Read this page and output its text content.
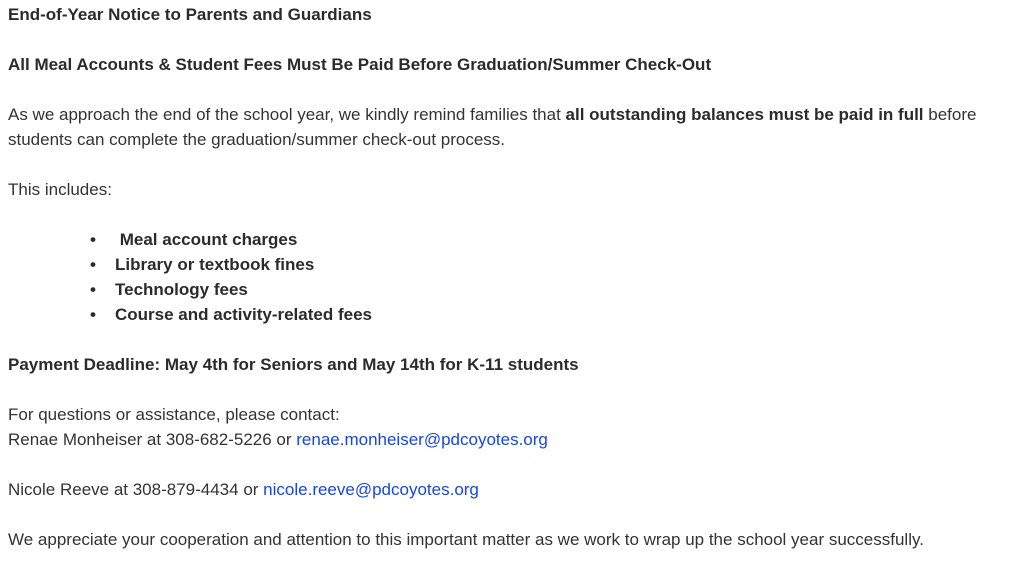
End-of-Year Notice to Parents and Guardians

All Meal Accounts & Student Fees Must Be Paid Before Graduation/Summer Check-Out

As we approach the end of the school year, we kindly remind families that all outstanding balances must be paid in full before students can complete the graduation/summer check-out process.

This includes:

• Meal account charges
• Library or textbook fines
• Technology fees
• Course and activity-related fees

Payment Deadline: May 4th for Seniors and May 14th for K-11 students

For questions or assistance, please contact:

Renae Monheiser at 308-682-5226 or renae.monheiser@pdcoyotes.org

Nicole Reeve at 308-879-4434 or nicole.reeve@pdcoyotes.org

We appreciate your cooperation and attention to this important matter as we work to wrap up the school year successfully.
